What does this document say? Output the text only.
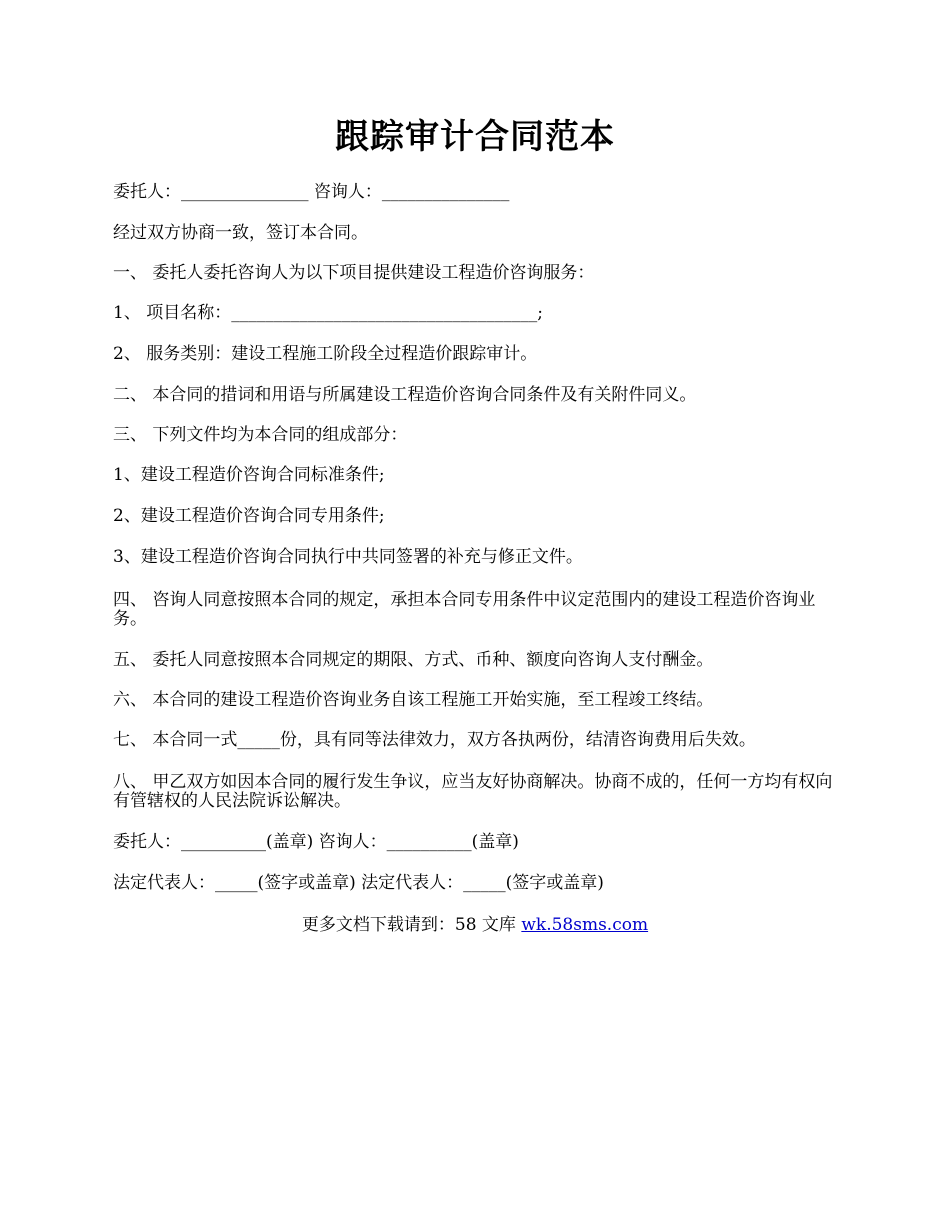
跟踪审计合同范本
委托人：_______________ 咨询人：_______________
经过双方协商一致，签订本合同。
一、 委托人委托咨询人为以下项目提供建设工程造价咨询服务：
1、 项目名称：____________________________________;
2、 服务类别：建设工程施工阶段全过程造价跟踪审计。
二、 本合同的措词和用语与所属建设工程造价咨询合同条件及有关附件同义。
三、 下列文件均为本合同的组成部分：
1、建设工程造价咨询合同标准条件;
2、建设工程造价咨询合同专用条件;
3、建设工程造价咨询合同执行中共同签署的补充与修正文件。
四、 咨询人同意按照本合同的规定，承担本合同专用条件中议定范围内的建设工程造价咨询业务。
五、 委托人同意按照本合同规定的期限、方式、币种、额度向咨询人支付酬金。
六、 本合同的建设工程造价咨询业务自该工程施工开始实施，至工程竣工终结。
七、 本合同一式_____份，具有同等法律效力，双方各执两份，结清咨询费用后失效。
八、 甲乙双方如因本合同的履行发生争议，应当友好协商解决。协商不成的，任何一方均有权向有管辖权的人民法院诉讼解决。
委托人：__________(盖章) 咨询人：__________(盖章)
法定代表人：_____(签字或盖章) 法定代表人：_____(签字或盖章)
更多文档下载请到：58 文库 wk.58sms.com
